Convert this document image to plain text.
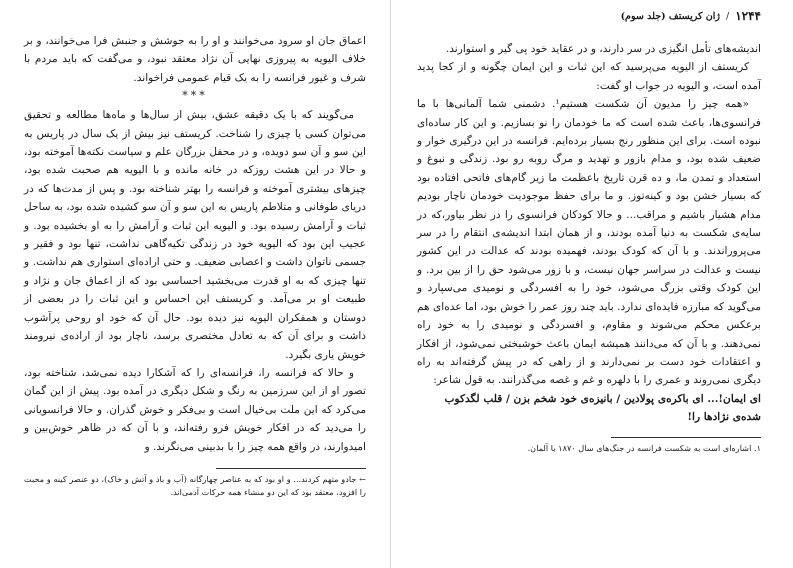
اعماق جان او سرود می‌خوانند و او را به جوشش و جنبش فرا می‌خوانند، و بر خلاف الیویه به پیروزی نهایی آن نژاد معتقد نبود، و می‌گفت که باید مردم با شرف و غیور فرانسه را به یک قیام عمومی فراخواند.

***

می‌گویند که با یک دقیقه عشق، بیش از سال‌ها و ماه‌ها مطالعه و تحقیق می‌توان کسی یا چیزی را شناخت. کریستف نیز بیش از یک سال در پاریس به این سو و آن سو دویده، و در محفل بزرگان علم و سیاست نکته‌ها آموخته بود، و حالا در این هشت روزکه در خانه مانده و با الیویه هم صحبت شده بود، چیزهای بیشتری آموخته و فرانسه را بهتر شناخته بود. و پس از مدت‌ها که در دریای طوفانی و متلاطم پاریس به این سو و آن سو کشیده شده بود، به ساحل ثبات و آرامش رسیده بود. و الیویه این ثبات و آرامش را به او بخشیده بود. و عجیب این بود که الیویه خود در زندگی تکیه‌گاهی نداشت، تنها بود و فقیر و جسمی ناتوان داشت و اعصابی ضعیف. و حتی اراده‌ای استواری هم نداشت. و تنها چیزی که به او قدرت می‌بخشید احساسی بود که از اعماق جان و نژاد و طبیعت او بر می‌آمد. و کریستف این احساس و این ثبات را در بعضی از دوستان و همفکران الیویه نیز دیده بود. حال آن که خود او روحی پرآشوب داشت و برای آن که به تعادل مختصری برسد، ناچار بود از اراده‌ی نیرومند خویش یاری بگیرد.

و حالا که فرانسه را، فرانسه‌ای را که آشکارا دیده نمی‌شد، شناخته بود، تصور او از این سرزمین به رنگ و شکل دیگری در آمده بود. پیش از این گمان می‌کرد که این ملت بی‌خیال است و بی‌فکر و خوش گذران. و حالا فرانسویانی را می‌دید که در افکار خویش فرو رفته‌اند، و با آن که در ظاهر خوش‌بین و امیدوارند، در واقع همه چیز را با بدبینی می‌نگرند. و

← جادو متهم کردند... و او بود که به عناصر چهارگانه (آب و باد و آتش و خاک)، دو عنصر کینه و محبت را افزود، معتقد بود که این دو منشاء همه حرکات آدمی‌اند.

۱۲۴۴
/
ژان کریستف (جلد سوم)

اندیشه‌های تأمل انگیزی در سر دارند، و در عقاید خود پی گیر و استوارند.

کریستف از الیویه می‌پرسید که این ثبات و این ایمان چگونه و از کجا پدید آمده است، و الیویه در جواب او گفت:

«همه چیز را مدیون آن شکست هستیم¹. دشمنی شما آلمانی‌ها با ما فرانسوی‌ها، باعث شده است که ما خودمان را نو بسازیم. و این کار ساده‌ای نبوده است. برای این منظور رنج بسیار برده‌ایم. فرانسه در این درگیری خوار و ضعیف شده بود، و مدام بازور و تهدید و مرگ روبه رو بود. زندگی و نبوغ و استعداد و تمدن ما، و ده قرن تاریخ باعظمت ما زیر گام‌های فاتحی افتاده بود که بسیار خشن بود و کینه‌توز. و ما برای حفظ موجودیت خودمان ناچار بودیم مدام هشیار باشیم و مراقب... و حالا کودکان فرانسوی را در نظر بیاور،که در سایه‌ی شکست به دنیا آمده بودند، و از همان ابتدا اندیشه‌ی انتقام را در سر می‌پروراندند. و با آن که کودک بودند، فهمیده بودند که عدالت در این کشور نیست و عدالت در سراسر جهان نیست، و با زور می‌شود حق را از بین برد. و این کودک وقتی بزرگ می‌شود، خود را به افسردگی و نومیدی می‌سپارد و می‌گوید که مبارزه فایده‌ای ندارد. باید چند روز عمر را خوش بود، اما عده‌ای هم برعکس محکم می‌شوند و مقاوم، و افسردگی و نومیدی را به خود راه نمی‌دهند. و با آن که می‌دانند همیشه ایمان باعث خوشبختی نمی‌شود، از افکار و اعتقادات خود دست بر نمی‌دارند و از راهی که در پیش گرفته‌اند به راه دیگری نمی‌روند و عمری را با دلهره و غم و غصه می‌گذرانند. به قول شاعر:

ای ایمان!... ای باکره‌ی پولادین / بانیزه‌ی خود شخم بزن / قلب لگدکوب شده‌ی نژادها را!

۱. اشاره‌ای است به شکست فرانسه در جنگ‌های سال ۱۸۷۰ با آلمان.
